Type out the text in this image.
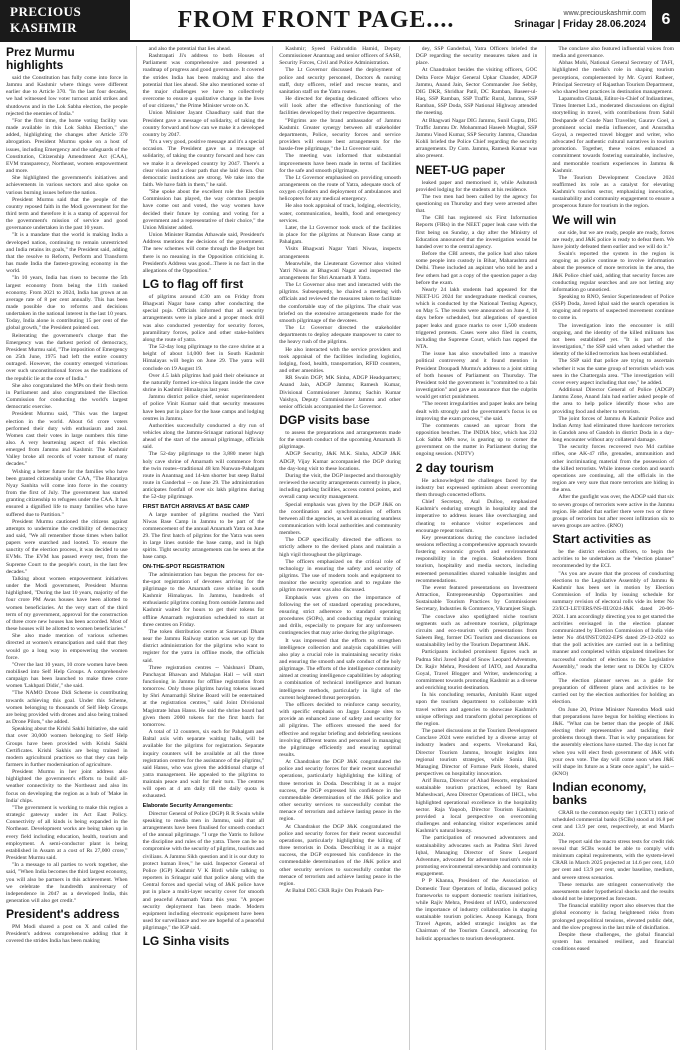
PRECIOUS KASHMIR	FROM FRONT PAGE....	www.preciouskashmir.com
Srinagar | Friday 28.06.2024 6
Prez Murmu highlights

said the Constitution has fully come into force in Jammu and Kashmir where things were different earlier due to Article 370. "In the last four decades, we had witnessed low voter turnout amid strikes and shutdowns and in the Lok Sabha election, the people rejected the enemies of India."

"For the first time, the home voting facility was made available in this Lok Sabha Election," she added, highlighting the changes after Article 370 abrogation. President Murmu spoke on a host of issues, including Emergency and the safeguards of the Constitution, Citizenship Amendment Act (CAA), EVM transparency, Northeast, women empowerment and more.

She highlighted the government's initiatives and achievements in various sectors and also spoke on various burning issues before the nation.

President Murmu said that the people of the country reposed faith in the Modi government for the third term and therefore it is a stamp of approval for the government's mission of service and good governance undertaken in the past 10 years.

"It is a mandate that the world is making India a developed nation, continuing to remain unrestricted and India retains its goals," the President said, adding that the resolve to Reform, Perform and Transform has made India the fastest-growing economy in the world.

"In 10 years, India has risen to become the 5th largest economy from being the 11th ranked economy. From 2021 to 2024, India has grown at an average rate of 8 per cent annually. This has been made possible due to reforms and decisions undertaken in the national interest in the last 10 years. Today, India alone is contributing 15 per cent of the global growth," the President pointed out.

Reiterating the government's charge that the Emergency was the darkest period of democracy, President Murmu said, "The imposition of Emergency on 25th June, 1975 had left the entire country outraged. However, the country emerged victorious over such unconstitutional forces as the traditions of the republic lie at the core of India."

She also congratulated the MPs on their fresh term in Parliament and also congratulated the Election Commission for conducting the world's largest democratic exercise.

President Murmu said, "This was the largest election in the world. About 64 crore voters performed their duty with enthusiasm and zeal. Women cast their votes in large numbers this time also. A very heartening aspect of this election emerged from Jammu and Kashmir. The Kashmir Valley broke all records of voter turnout of many decades."

Wishing a better future for the families who have been granted citizenship under CAA, "The Bharatiya Nyay Sanhita will come into force in the country from the first of July. The government has started granting citizenship to refugees under the CAA. It has ensured a dignified life to many families who have suffered due to Partition."

President Murmu cautioned the citizens against attempts to undermine the credibility of democracy and said, "We all remember those times when ballot papers were snatched and looted. To ensure the sanctity of the election process, it was decided to use EVMs. The EVM has passed every test, from the Supreme Court to the people's court, in the last few decades."

Talking about women empowerment initiatives under the Modi government, President Murmu highlighted, "During the last 10 years, majority of the four crore PM Awas houses have been allotted to women beneficiaries. At the very start of the third term of my government, approval for the construction of three crore new houses has been accorded. Most of these houses will be allotted to women beneficiaries."

She also made mention of various schemes directed at women's emancipation and said that they would go a long way in empowering the women force.

"Over the last 10 years, 10 crore women have been mobilised into Self Help Groups. A comprehensive campaign has been launched to make three crore women 'Lakhpati Didis'," she said.

"The NAMO Drone Didi Scheme is contributing towards achieving this goal. Under this Scheme, women belonging to thousands of Self Help Groups are being provided with drones and also being trained as Drone Pilots," she added.

Speaking about the Krishi Sakhi Initiative, she said that over 30,000 women belonging to Self Help Groups have been provided with Krishi Sakhi Certificates. Krishi Sakhis are being trained in modern agricultural practices so that they can help farmers in further modernisation of agriculture.

President Murmu in her joint address also highlighted the government's efforts to build all-weather connectivity to the Northeast and also its focus on developing the region as a hub of 'Make in India' chips.

"The government is working to make this region a strategic gateway under its Act East Policy. Connectivity of all kinds is being expanded in the Northeast. Development works are being taken up in every field including education, health, tourism and employment. A semi-conductor plant is being established in Assam at a cost of Rs 27,000 crore," President Murmu said.

"In a message to all parties to work together, she said, "When India becomes the third largest economy, you will also be partners in this achievement. When we celebrate the hundredth anniversary of independence in 2047 as a developed India, this generation will also get credit."

President's address

PM Modi shared a post on X and called the President's address comprehensive adding that it covered the strides India has been making

and also the potential that lies ahead.

Rashtrapati Ji's address to both Houses of Parliament was comprehensive and presented a roadmap of progress and good governance. It covered the strides India has been making and also the potential that lies ahead. She also mentioned some of the major challenges we have to collectively overcome to ensure a qualitative change in the lives of our citizens," the Prime Minister wrote on X.

Union Minister Jayant Chaudhary said that the President gave a message of solidarity, of taking the country forward and how can we make it a developed country by 2047.

"It's a very good, positive message and it's a special occasion. The President gave us a message of solidarity, of taking the country forward and how can we make it a developed country by 2047. There's a clear vision and a clear path that she laid down. Our democratic institutions are strong. We take into the faith. We have faith in them," he said.

"She spoke about the excellent role the Election Commission has played, the way common people have come out and voted, the way women have decided their future by coming and voting for a government and a representative of their choice," the Union Minister added.

Union Minister Ramdas Athawale said, President's Address mentions the decisions of the government. The new schemes will come through the Budget but there is no meaning in the Opposition criticising it. President's Address was good...There is no fact in the allegations of the Opposition."

LG to flag off first

of pilgrims around 4:30 am on Friday from Bhagwati Nagar base camp after conducting the special puja. Officials informed that all security arrangements were in place and a proper mock drill was also conducted yesterday for security forces, paramilitary forces, police and other stake-holders along the route of yatra.

The 52-day long pilgrimage to the cave shrine at a height of about 14,000 feet in South Kashmir Himalayas will begin on June 29. The yatra will conclude on 19 August 19.

Over 4.5 lakh pilgrims had paid their obeisance at the naturally formed ice-shiva lingam inside the cave shrine in Kashmir Himalayas last year.

Jammu district police chief, senior superintendent of police Vinit Kumar said that security measures have been put in place for the base camps and lodging centres in Jammu.

Authorities successfully conducted a dry run of vehicles along the Jammu-Srinagar national highway ahead of the start of the annual pilgrimage, officials said.

The 52-day pilgrimage to the 3,880 meter high holy cave shrine of Amarnath will commence from the twin routes--traditional 48 km Nunwan-Pahalgam route in Anantnag and 14-km shorter but steep Baltal route in Ganderbal -- on June 29. The administration anticipates footfall of over six lakh pilgrims during the 52-day pilgrimage.

FIRST BATCH ARRIVES AT BASE CAMP

A large number of pilgrims reached the Yatri Niwas Base Camp in Jammu to be part of the commencement of the annual Amarnath Yatra on June 29. The first batch of pilgrims for the Yatra was seen in large lines outside the base camp, and in high spirits. Tight security arrangements can be seen at the base camp.

ON-THE-SPOT REGISTRATION

The administration has begun the process for on-the-spot registration of devotees arriving for the pilgrimage to the Amarnath cave shrine in south Kashmir Himalayas. In Jammu, hundreds of enthusiastic pilgrims coming from outside Jammu and Kashmir waited for hours to get their tokens for offline Amarnath registration scheduled to start at three centres on Friday.

The token distribution centre at Saraswati Dham near the Jammu Railway station was set up by the district administration for the pilgrims who want to register for the yatra in offline mode, the officials said.

Three registration centres -- Vaishnavi Dham, Panchayat Bhawan and Mahajan Hall -- will start functioning in Jammu for offline registration from tomorrow. Only those pilgrims having tokens issued by Shri Amarnathji Shrine Board will be entertained at the registration centres," said Joint Divisional Magistrate Ishan Hanss. He said the shrine board had given them 2000 tokens for the first batch for tomorrow.

A total of 12 counters, six each for Pahalgam and Baltal axis with separate waiting halls, will be available for the pilgrims for registration. Separate inquiry counters will be available at all the three registration centres for the assistance of the pilgrims," said Hanss, who was given the additional charge of yatra management. He appealed to the pilgrims to maintain peace and wait for their turn. The centres will open at 4 am daily till the daily quota is exhausted.

Elaborate Security Arrangements:

Director General of Police (DGP) R R Swain while speaking to media men in Jammu, said that all arrangements have been finalised for smooth conduct of the annual pilgrimage. "I urge the Yatris to follow the discipline and rules of the yatra. There can be no compromise with the security of pilgrims, tourists and civilians. A Jammu Sikh question and it is our duty to protect human lives," he said. Inspector General of Police (IGP) Kashmir V K Birdi while talking to reporters in Srinagar said that police along with the Central forces and special wing of J&K police have put in place a multi-layer security cover for smooth and peaceful Amarnath Yatra this year. "A proper security deployment has been made. Modern equipment including electronic equipment have been used for surveillance and we are hopeful of a peaceful pilgrimage," the IGP said.

LG Sinha visits

Kashmir; Syeed Fakhruddin Hamid, Deputy Commissioner Anantnag and senior officers of SASB, Security Forces, Civil and Police Administration.

The Lt Governor discussed the deployment of police and security personnel, Doctors & nursing staff, duty officers, relief and rescue teams, and sanitation staff on the Yatra routes.

He directed for deputing dedicated officers who will look after the effective functioning of the facilities developed by their respective departments.

"Pilgrims are the brand ambassador of Jammu Kashmir. Greater synergy between all stakeholder departments, Police, security forces and service providers will ensure best arrangements for the hassle-free pilgrimage," the Lt Governor said.

The meeting was informed that substantial improvements have been made in terms of facilities for the safe and smooth pilgrimage.

The Lt Governor emphasised on providing smooth arrangements on the route of Yatra, adequate stock of oxygen cylinders and deployment of ambulances and helicopters for any medical emergency.

He also took appraisal of track, lodging, electricity, water, communication, health, food and emergency services.

Later, the Lt Governor took stock of the facilities in place for the pilgrims at Nunwan Base camp at Pahalgam.

Visits Bhagwati Nagar Yatri Niwas, inspects arrangements

Meanwhile, the Lieutenant Governor also visited Yatri Niwas at Bhagwati Nagar and inspected the arrangements for Shri Amarnath Ji Yatra.

The Lt Governor also met and interacted with the pilgrims. Subsequently, he chaired a meeting with officials and reviewed the measures taken to facilitate the comfortable stay of the pilgrims. The chair was briefed on the extensive arrangements made for the smooth pilgrimage of the devotees.

The Lt Governor directed the stakeholder departments to deploy adequate manpower to cater to the heavy rush of the pilgrims.

He also interacted with the service providers and took appraisal of the facilities including logistics, lodging, food, health, transportation, RFID counters, and other amenities.

RR Swain DGP; MK Sinha, ADGP Headquarters; Anand Jain, ADGP Jammu; Ramesh Kumar, Divisional Commissioner Jammu; Sachin Kumar Vaishya, Deputy Commissioner Jammu and other senior officials accompanied the Lt Governor.

DGP visits base

to assess the preparations and arrangements made for the smooth conduct of the upcoming Amarnath Ji pilgrimage.

ADGP Security, J&K M.K. Sinha, ADGP J&K ADGP, Vijay Kumar accompanied the DGP during the day-long visit to these locations.

During the visit, the DGP inspected and thoroughly reviewed the security arrangements currently in place, including parking facilities, access control points, and overall camp security management.

Special emphasis was given by the DGP J&K on the coordination and synchronization of efforts between all the agencies, as well as ensuring seamless communication with local authorities and community members.

The DGP specifically directed the officers to strictly adhere to the devised plans and maintain a high vigil throughout the pilgrimage.

The officers emphasized on the critical role of technology in ensuring the safety and security of pilgrims. The use of modern tools and equipment to monitor the security operation and to regulate the pilgrim movement was also discussed.

Emphasis was given on the importance of following the set of standard operating procedures, ensuring strict adherence to standard operating procedures (SOPs), and conducting regular training and drills, especially to prepare for any unforeseen contingencies that may arise during the pilgrimage.

It was impressed that the efforts to strengthen intelligence collection and analysis capabilities will also play a crucial role in maintaining security risks and ensuring the smooth and safe conduct of the holy pilgrimage. The efforts of the intelligence community aimed at creating intelligence capabilities by adopting a combination of technical intelligence and human intelligence methods, particularly in light of the current heightened threat perception.

The officers decided to reinforce camp security, with specific emphasis on Jaggo Lounge sites to provide an enhanced zone of safety and security for all pilgrims. The officers stressed the need for effective and regular briefing and debriefing sessions involving different teams and personnel in managing the pilgrimage efficiently and ensuring optimal results.

At Chandrakot the DGP J&K congratulated the police and security forces for their recent successful operations, particularly highlighting the killing of three terrorists in Doda. Describing it as a major success, the DGP expressed his confidence in the commendable determination of the J&K police and other security services to successfully combat the menace of terrorism and achieve lasting peace in the region.

At Chandrakot the DGP J&K congratulated the police and security forces for their recent successful operations, particularly highlighting the killing of three terrorists in Doda. Describing it as a major success, the DGP expressed his confidence in the commendable determination of the J&K police and other security services to successfully combat the menace of terrorism and achieve lasting peace in the region.

At Baltal DIG CKR Rajiv Om Prakash Pan-

dey, SSP Ganderbal, Yatra Officers briefed the DGP regarding the security measures taken and in place.

At Chandrakot besides the visiting officers, GOC Delta Force Major General Upkar Chander, ADGP Jammu, Anand Jain, Sector Commander Joe Sebby, DIG DKR, Shridhar Patil, DC Ramban, Baseer-ul-Haq, SSP Ramban, SSP Traffic Rural, Jammu, SSP Ramban, SSP Doda, SSP National Highway attended the meeting.

At Bhagwati Nagar DIG Jammu, Sunil Gupta, DIG Traffic Jammu Dr. Mohammad Haseeb Mughal, SSP Jammu Vinod Kumar, SSP Security Jammu, Chandan Kohli briefed the Police Chief regarding the security arrangements. Dy Com. Jammu, Ramesh Kumar was also present.

NEET-UG paper

leaked paper and memorised it, while Ashutosh provided lodging for the students at his residence.

The two men had been called by the agency for questioning on Thursday and they were arrested after that.

The CBI has registered six First Information Reports (FIRs) in the NEET paper leak case with the first being on Sunday, a day after the Ministry of Education announced that the investigation would be handed over to the central agency.

Before the CBI arrests, the police had also taken some people into custody in Bihar, Maharashtra and Delhi. These included an aspirant who told he and a few others had got a copy of the question paper a day before the exam.

Nearly 24 lakh students had appeared for the NEET-UG 2024 for undergraduate medical courses, which is conducted by the National Testing Agency, on May 5. The results were announced on June 4, 10 days before scheduled, but allegations of question paper leaks and grace marks to over 1,500 students triggered protests. Cases were also filed in courts, including the Supreme Court, which has rapped the NTA.

The issue has also snowballed into a massive political controversy and it found mention in President Droupadi Murmu's address to a joint sitting of both houses of Parliament on Thursday. The President told the government is "committed to a fair investigation" and gave an assurance that the culprits would get strict punishment.

"The recent irregularities and paper leaks are being dealt with strongly and the government's focus is on improving the exam process," she said.

The comments caused an uproar from the opposition benches. The INDIA bloc, which has 232 Lok Sabha MPs now, is gearing up to corner the government on the matter in Parliament during the ongoing session. (NDTV)

2 day tourism

He acknowledged the challenges faced by the industry but expressed optimism about overcoming them through concerted efforts.

Chief Secretary, Atal Dulloo, emphasized Kashmir's enduring strength in hospitality and the imperative to address issues like overcharging and cheating to enhance visitor experiences and encourage repeat tourism.

Key presentations during the conclave included sessions reflecting a comprehensive approach towards fostering economic growth and environmental responsibility in the region. Stakeholders from tourism, hospitality and media sectors, including esteemed personalities shared valuable insights and recommendations.

The event featured presentations on Investment Attraction, Entrepreneurship Opportunities and Sustainable Tourism Practices by Commissioner Secretary, Industries & Commerce, Vikramjeet Singh.

The conclave also spotlighted niche tourism segments such as adventure tourism, pilgrimage circuits and eco-tourism with presentations from Saleem Beg, former DG Tourism and discussions on sustainability led by the Tourism Department J&K.

Participants included prominent figures such as Padma Shri Javed Iqbal of Snow Leopard Adventure, Dr. Rajiv Mehra, President of IATO, and Anuradha Goyal, Travel Blogger and Writer, underscoring a commitment towards promoting Kashmir as a diverse and enriching tourist destination.

In his concluding remarks, Amitabh Kant urged upon the tourism department to collaborate with travel writers and agencies to showcase Kashmir's unique offerings and transform global perceptions of the region.

The panel discussions at the Tourism Development Conclave 2024 were enriched by a diverse array of industry leaders and experts. Vivekanand Rai, Director Tourism Jammu, brought insights into regional tourism strategies, while Sonia Bhi, Managing Director of Fortune Park Hotels, shared perspectives on hospitality innovation.

Arif Burza, Director of Ahad Resorts, emphasized sustainable tourism practices, echoed by Ram Maheshwari, Area Director Operations of IHCL, who highlighted operational excellence in the hospitality sector. Raja Yaqoob, Director Tourism Kashmir, provided a local perspective on overcoming challenges and enhancing visitor experiences amid Kashmir's natural beauty.

The participation of renowned adventurers and sustainability advocates such as Padma Shri Javed Iqbal, Managing Director of Snow Leopard Adventure, advocated for adventure tourism's role in promoting environmental stewardship and community engagement.

P P Khanna, President of the Association of Domestic Tour Operators of India, discussed policy frameworks to support domestic tourism initiatives, while Rajiv Mehra, President of IATO, underscored the importance of industry collaboration in shaping sustainable tourism policies. Anoop Kanuga, from Travel Agents, added strategic insights as the Chairman of the Tourism Council, advocating for holistic approaches to tourism development.

The conclave also featured influential voices from media and governance.

Abhas Mohi, National General Secretary of TAFI, highlighted the media's role in shaping tourism perceptions, complemented by Mr. Gyatri Ratheer, Principal Secretary of Rajasthan Tourism Department, who shared best practices in destination management.

Lapamudra Ghatak, Editor-in-Chief of Indiantimes, Times Internet Ltd., moderated discussions on digital storytelling in travel, with contributions from Sahil Deshpande of Conde Nast Traveller, Gaurav Goel, a prominent social media influencer, and Anuradha Goyal, a respected travel blogger and writer, who advocated for authentic cultural narratives in tourism promotion. Together, these voices enhanced a commitment towards fostering sustainable, inclusive, and memorable tourism experiences in Jammu & Kashmir.

The Tourism Development Conclave 2024 reaffirmed its role as a catalyst for elevating Kashmir's tourism sector, emphasizing innovation, sustainability and community engagement to ensure a prosperous future for tourism in the region.

We will win

our side, but we are ready, people are ready, forces are ready, and J&K police is ready to defeat them. We have jointly defeated them earlier and we will do it."

Swain's reported the system in the region is ongoing as police continue to involve information about the presence of more terrorists in the area, the J&K Police chief said, adding that security forces are conducting regular searches and are not letting any information go unnoticed.

Speaking to RNO, Senior Superintendent of Police (SSP) Doda, Javed Iqbal said the search operation is ongoing and reports of suspected movement continue to come in.

The investigation into the encounter is still ongoing, and the identity of the killed militants has not been established yet. "It is part of the investigation," the SSP said when asked whether the identity of the killed terrorists has been established.

The SSP said that police are trying to ascertain whether it was the same group of terrorists which was seen in the Chattergala area. "The investigation will cover every aspect including that one," he added.

Additional Director General of Police (ADGP) Jammu Zone, Anand Jain had earlier asked people of the area to help police identify those who are providing food and shelter to terrorists.

The joint forces of Jammu & Kashmir Police and Indian Army had eliminated three hardcore terrorists in Gandoh area of Gandoh in district Doda in a day-long encounter without any collateral damage.

The security forces recovered two M4 carbine rifles, one AK-47 rifle, grenades, ammunition and other incriminating material from the possession of the killed terrorists. While intense cordon and search operations are continuing, all the officials in the region are very sure that more terrorists are hiding in the area.

After the gunfight was over, the ADGP said that six to seven groups of terrorists were active in the Jammu region. He added that earlier there were two or three groups of terrorists but after recent infiltration six to seven groups are active. (RNO)

Start activities as

be the district election officers, to begin the activities to be undertaken as the "election planner" recommended by the ECI.

"As you are aware that the process of conducting elections to the Legislative Assembly of Jammu & Kashmir has been set in motion by Election Commission of India by issuing schedule for summary revision of electoral rolls vide its letter No 23/ECI-LET/ERS/NS-III/2024-J&K dated 20-06-2024. I am accordingly directing you to get started the activities envisaged in the election planner communicated by Election Commission of India vide letter No 464/INST/2022-EPS dated 29-12-2022 so that the poll activities are carried out in a befitting manner and completed within stipulated timelines for successful conduct of elections to the Legislative Assembly," reads the letter sent to DEOs by CEO's office.

The election planner serves as a guide for preparation of different plans and activities to be carried out by the election authorities for holding an election.

On June 20, Prime Minister Narendra Modi said that preparations have begun for holding elections in J&K. "What can be better than the people of J&K electing their representative and tackling their problems through them. That is why preparations for the assembly elections have started. The day is not far when you will elect fresh government of J&K with your own vote. The day will come soon when J&K will shape its future as a State once again", he said.--(KNO)

Indian economy, banks

CRAR to the common equity tier 1 (CET1) ratio of scheduled commercial banks (SCBs) stood at 16.8 per cent and 13.9 per cent, respectively, at end March 2024.

The report said the macro stress tests for credit risk reveal that SCBs would be able to comply with minimum capital requirements, with the system-level CRAR in March 2025 projected at 14.6 per cent, 14.0 per cent and 13.9 per cent, under baseline, medium, and severe stress scenarios.

These remarks are stringent conservatively the assessments under hypothetical shocks and the results should not be interpreted as forecasts.

The financial stability report also observes that the global economy is facing heightened risks from prolonged geopolitical tensions, elevated public debt, and the slow progress in the last mile of disinflation.

Despite these challenges, the global financial system has remained resilient, and financial conditions eased
